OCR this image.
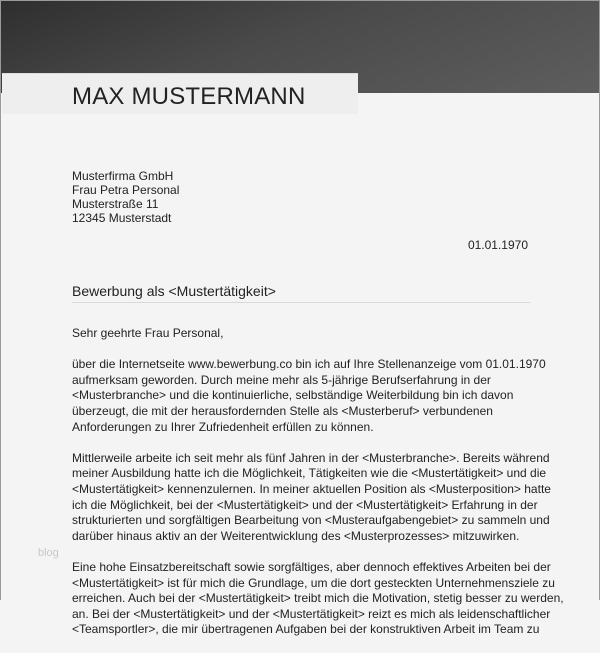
MAX MUSTERMANN
Musterfirma GmbH
Frau Petra Personal
Musterstraße 11
12345 Musterstadt
01.01.1970
Bewerbung als <Mustertätigkeit>

Sehr geehrte Frau Personal,

über die Internetseite www.bewerbung.co bin ich auf Ihre Stellenanzeige vom 01.01.1970
aufmerksam geworden. Durch meine mehr als 5-jährige Berufserfahrung in der
<Musterbranche> und die kontinuierliche, selbständige Weiterbildung bin ich davon
überzeugt, die mit der herausfordernden Stelle als <Musterberuf> verbundenen
Anforderungen zu Ihrer Zufriedenheit erfüllen zu können.

Mittlerweile arbeite ich seit mehr als fünf Jahren in der <Musterbranche>. Bereits während
meiner Ausbildung hatte ich die Möglichkeit, Tätigkeiten wie die <Mustertätigkeit> und die
<Mustertätigkeit> kennenzulernen. In meiner aktuellen Position als <Musterposition> hatte
ich die Möglichkeit, bei der <Mustertätigkeit> und der <Mustertätigkeit> Erfahrung in der
strukturierten und sorgfältigen Bearbeitung von <Musteraufgabengebiet> zu sammeln und
darüber hinaus aktiv an der Weiterentwicklung des <Musterprozesses> mitzuwirken.

Eine hohe Einsatzbereitschaft sowie sorgfältiges, aber dennoch effektives Arbeiten bei der
<Mustertätigkeit> ist für mich die Grundlage, um die dort gesteckten Unternehmensziele zu
erreichen. Auch bei der <Mustertätigkeit> treibt mich die Motivation, stetig besser zu werden,
an. Bei der <Mustertätigkeit> und der <Mustertätigkeit> reizt es mich als leidenschaftlicher
<Teamsportler>, die mir übertragenen Aufgaben bei der konstruktiven Arbeit im Team zu

blog
